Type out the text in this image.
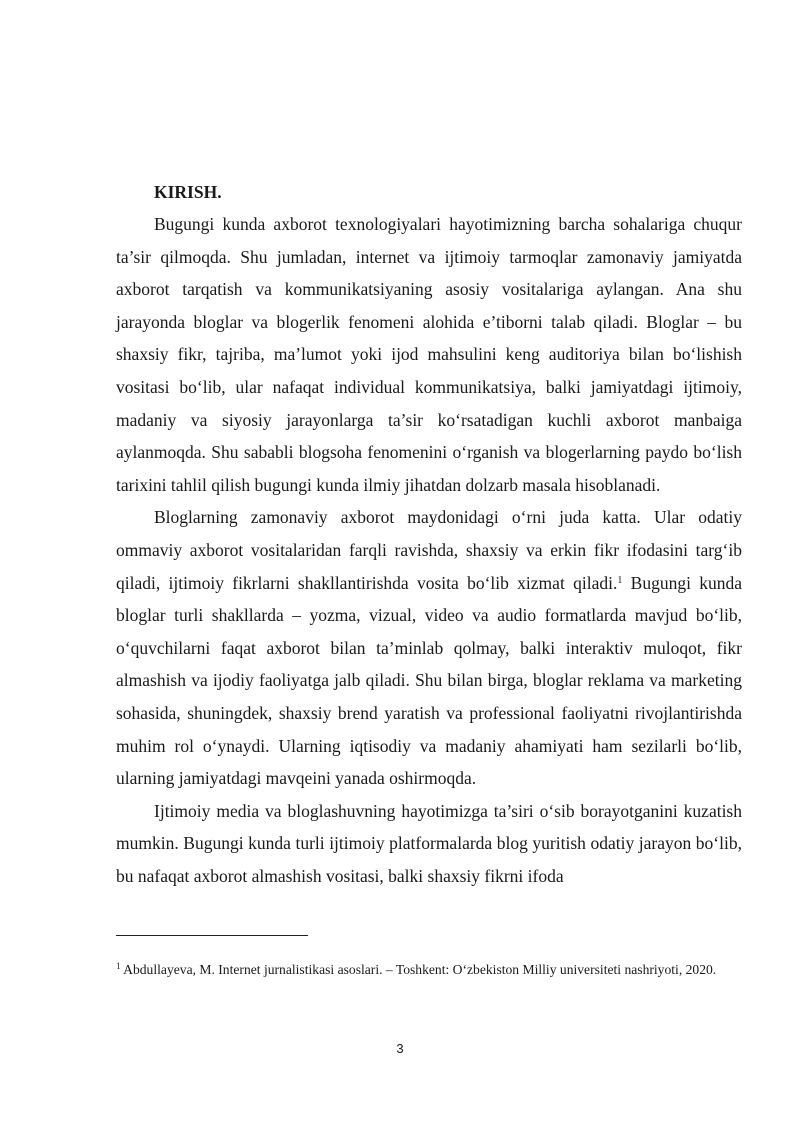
KIRISH.

Bugungi kunda axborot texnologiyalari hayotimizning barcha sohalariga chuqur ta’sir qilmoqda. Shu jumladan, internet va ijtimoiy tarmoqlar zamonaviy jamiyatda axborot tarqatish va kommunikatsiyaning asosiy vositalariga aylangan. Ana shu jarayonda bloglar va blogerlik fenomeni alohida e’tiborni talab qiladi. Bloglar – bu shaxsiy fikr, tajriba, ma’lumot yoki ijod mahsulini keng auditoriya bilan bo‘lishish vositasi bo‘lib, ular nafaqat individual kommunikatsiya, balki jamiyatdagi ijtimoiy, madaniy va siyosiy jarayonlarga ta’sir ko‘rsatadigan kuchli axborot manbaiga aylanmoqda. Shu sababli blogsoha fenomenini o‘rganish va blogerlarning paydo bo‘lish tarixini tahlil qilish bugungi kunda ilmiy jihatdan dolzarb masala hisoblanadi.

Bloglarning zamonaviy axborot maydonidagi o‘rni juda katta. Ular odatiy ommaviy axborot vositalaridan farqli ravishda, shaxsiy va erkin fikr ifodasini targ‘ib qiladi, ijtimoiy fikrlarni shakllantirishda vosita bo‘lib xizmat qiladi.$^1$ Bugungi kunda bloglar turli shakllarda – yozma, vizual, video va audio formatlarda mavjud bo‘lib, o‘quvchilarni faqat axborot bilan ta’minlab qolmay, balki interaktiv muloqot, fikr almashish va ijodiy faoliyatga jalb qiladi. Shu bilan birga, bloglar reklama va marketing sohasida, shuningdek, shaxsiy brend yaratish va professional faoliyatni rivojlantirishda muhim rol o‘ynaydi. Ularning iqtisodiy va madaniy ahamiyati ham sezilarli bo‘lib, ularning jamiyatdagi mavqeini yanada oshirmoqda.

Ijtimoiy media va bloglashuvning hayotimizga ta’siri o‘sib borayotganini kuzatish mumkin. Bugungi kunda turli ijtimoiy platformalarda blog yuritish odatiy jarayon bo‘lib, bu nafaqat axborot almashish vositasi, balki shaxsiy fikrni ifoda

$^1$ Abdullayeva, M. Internet jurnalistikasi asoslari. – Toshkent: O‘zbekiston Milliy universiteti nashriyoti, 2020.

3
